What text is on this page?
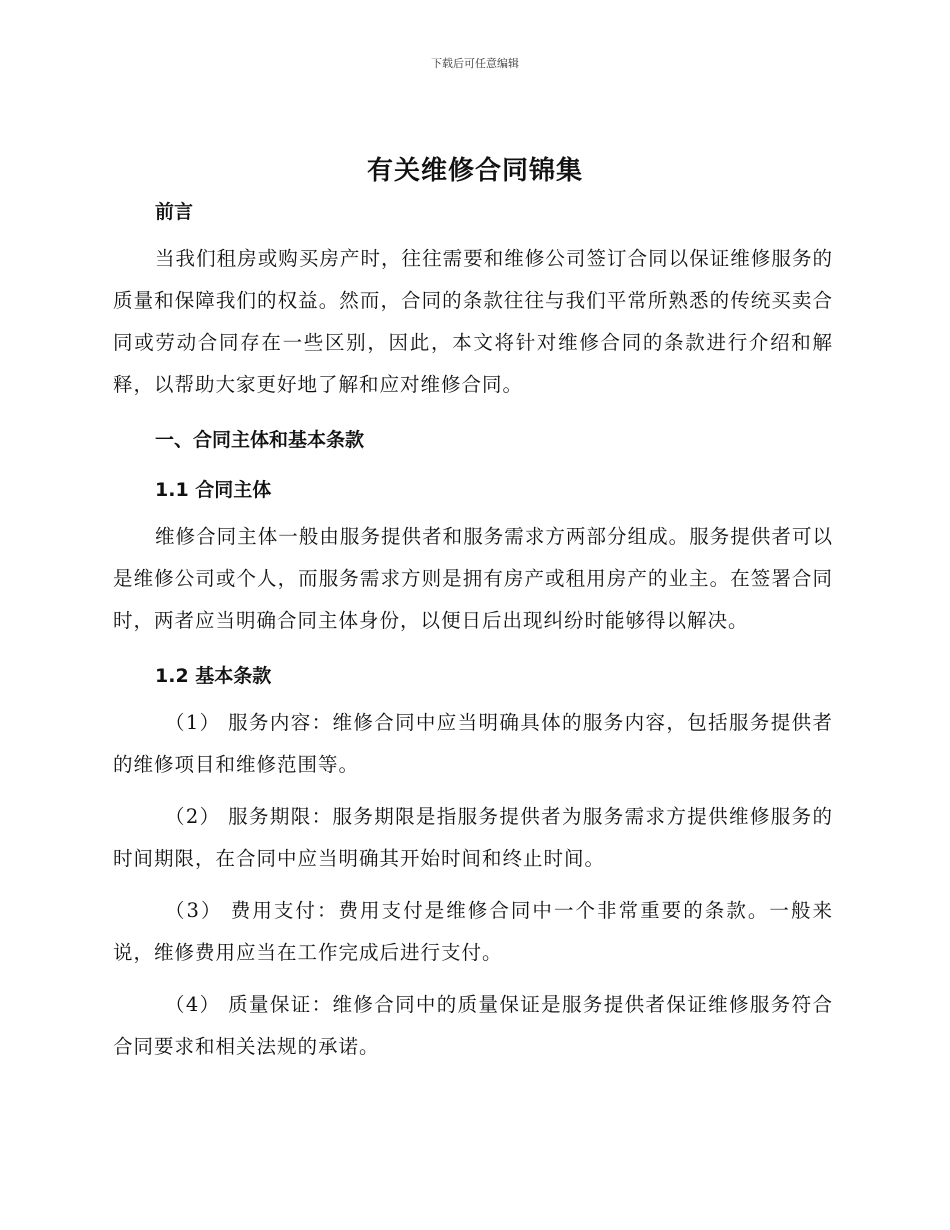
下载后可任意编辑
有关维修合同锦集

前言

当我们租房或购买房产时，往往需要和维修公司签订合同以保证维修服务的质量和保障我们的权益。然而，合同的条款往往与我们平常所熟悉的传统买卖合同或劳动合同存在一些区别，因此，本文将针对维修合同的条款进行介绍和解释，以帮助大家更好地了解和应对维修合同。

一、合同主体和基本条款

1.1 合同主体

维修合同主体一般由服务提供者和服务需求方两部分组成。服务提供者可以是维修公司或个人，而服务需求方则是拥有房产或租用房产的业主。在签署合同时，两者应当明确合同主体身份，以便日后出现纠纷时能够得以解决。

1.2 基本条款

（1） 服务内容：维修合同中应当明确具体的服务内容，包括服务提供者的维修项目和维修范围等。

（2） 服务期限：服务期限是指服务提供者为服务需求方提供维修服务的时间期限，在合同中应当明确其开始时间和终止时间。

（3） 费用支付：费用支付是维修合同中一个非常重要的条款。一般来说，维修费用应当在工作完成后进行支付。

（4） 质量保证：维修合同中的质量保证是服务提供者保证维修服务符合合同要求和相关法规的承诺。
